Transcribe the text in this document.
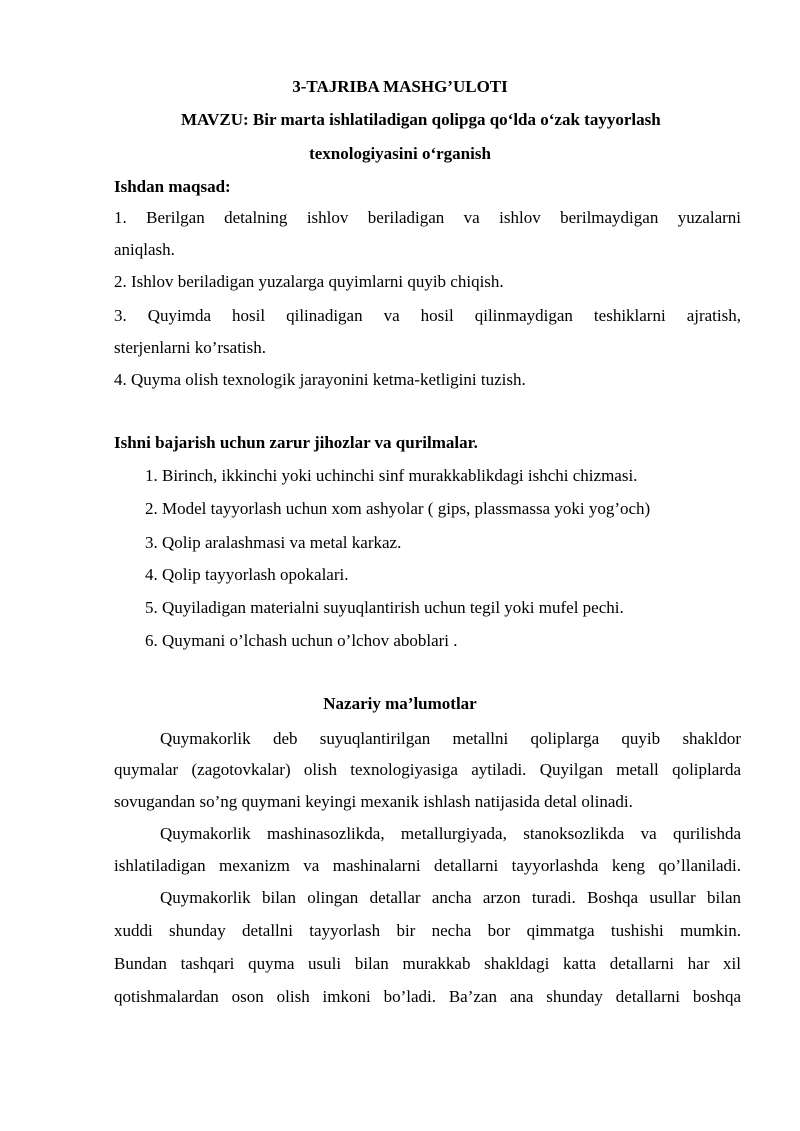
3-TAJRIBA MASHG’ULOTI
MAVZU: Bir marta ishlatiladigan qolipga qo‘lda o‘zak tayyorlash
texnologiyasini o‘rganish
Ishdan maqsad:
1. Berilgan detalning ishlov beriladigan va ishlov berilmaydigan yuzalarni
aniqlash.
2. Ishlov beriladigan yuzalarga quyimlarni quyib chiqish.
3. Quyimda hosil qilinadigan va hosil qilinmaydigan teshiklarni ajratish,
sterjenlarni ko’rsatish.
4. Quyma olish texnologik jarayonini ketma-ketligini tuzish.
Ishni bajarish uchun zarur jihozlar va qurilmalar.
1. Birinch, ikkinchi yoki uchinchi sinf murakkablikdagi ishchi chizmasi.
2. Model tayyorlash uchun xom ashyolar ( gips, plassmassa yoki yog’och)
3. Qolip aralashmasi va metal karkaz.
4. Qolip tayyorlash opokalari.
5. Quyiladigan materialni suyuqlantirish uchun tegil yoki mufel pechi.
6. Quymani o’lchash uchun o’lchov aboblari .
Nazariy ma’lumotlar
Quymakorlik deb suyuqlantirilgan metallni qoliplarga quyib shakldor
quymalar (zagotovkalar) olish texnologiyasiga aytiladi. Quyilgan metall qoliplarda
sovugandan so’ng quymani keyingi mexanik ishlash natijasida detal olinadi.
Quymakorlik mashinasozlikda, metallurgiyada, stanoksozlikda va qurilishda
ishlatiladigan mexanizm va mashinalarni detallarni tayyorlashda keng qo’llaniladi.
Quymakorlik bilan olingan detallar ancha arzon turadi. Boshqa usullar bilan
xuddi shunday detallni tayyorlash bir necha bor qimmatga tushishi mumkin.
Bundan tashqari quyma usuli bilan murakkab shakldagi katta detallarni har xil
qotishmalardan oson olish imkoni bo’ladi. Ba’zan ana shunday detallarni boshqa
